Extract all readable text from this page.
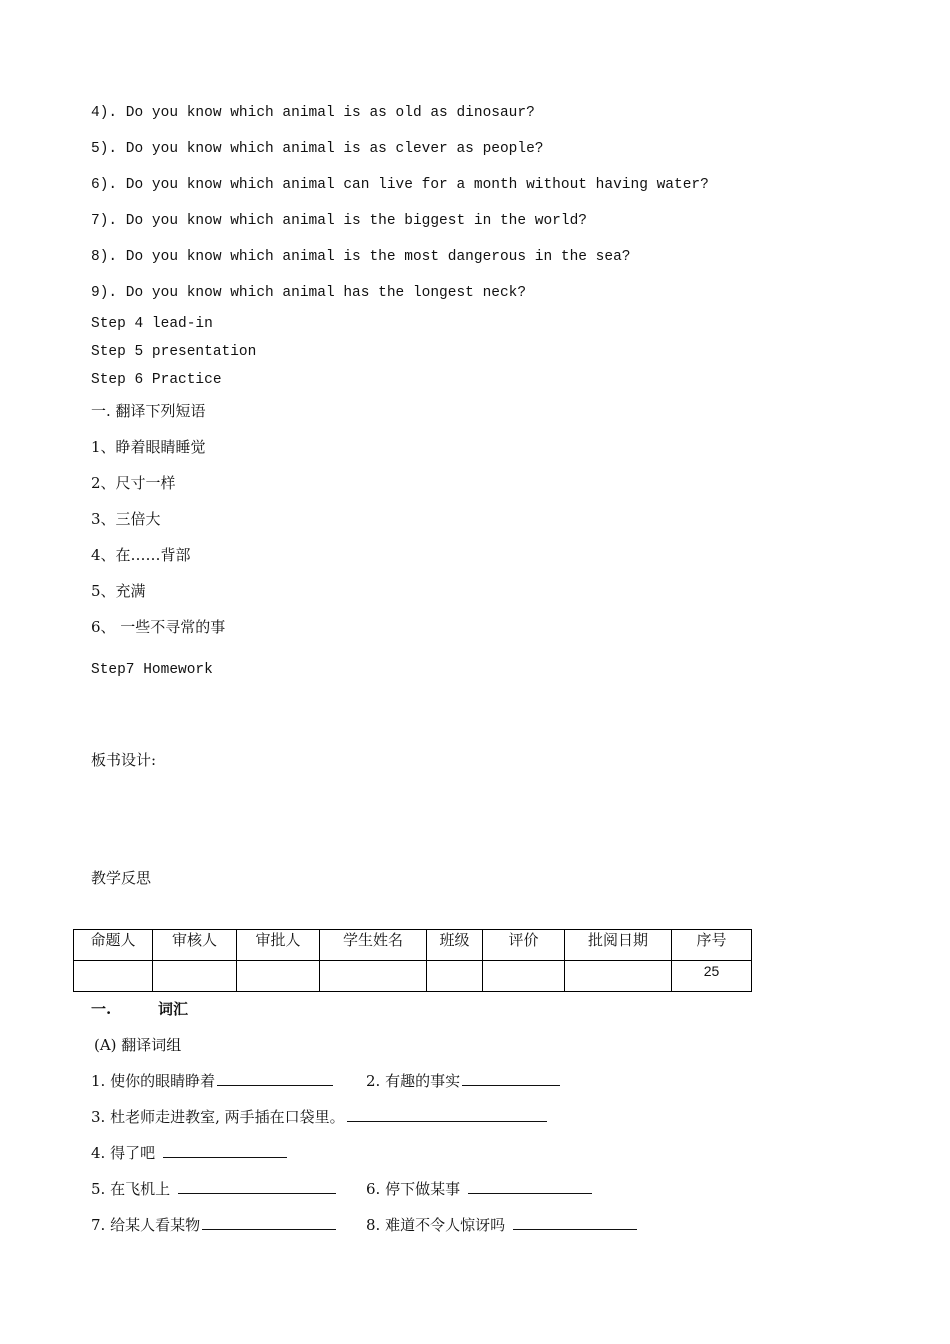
4). Do you know which animal is as old as dinosaur?
5). Do you know which animal is as clever as people?
6). Do you know which animal can live for a month without having water?
7). Do you know which animal is the biggest in the world?
8). Do you know which animal is the most dangerous in the sea?
9). Do you know which animal has the longest neck?
Step 4 lead-in
Step 5 presentation
Step 6 Practice
一. 翻译下列短语
1、睁着眼睛睡觉
2、尺寸一样
3、三倍大
4、在……背部
5、充满
6、 一些不寻常的事
Step7 Homework
板书设计:
教学反思
命题人	审核人	审批人	学生姓名	班级	评价	批阅日期	序号
							25
一.	词汇
(A) 翻译词组
1. 使你的眼睛睁着	2. 有趣的事实
3. 杜老师走进教室, 两手插在口袋里。
4. 得了吧
5. 在飞机上	6. 停下做某事
7. 给某人看某物	8. 难道不令人惊讶吗
